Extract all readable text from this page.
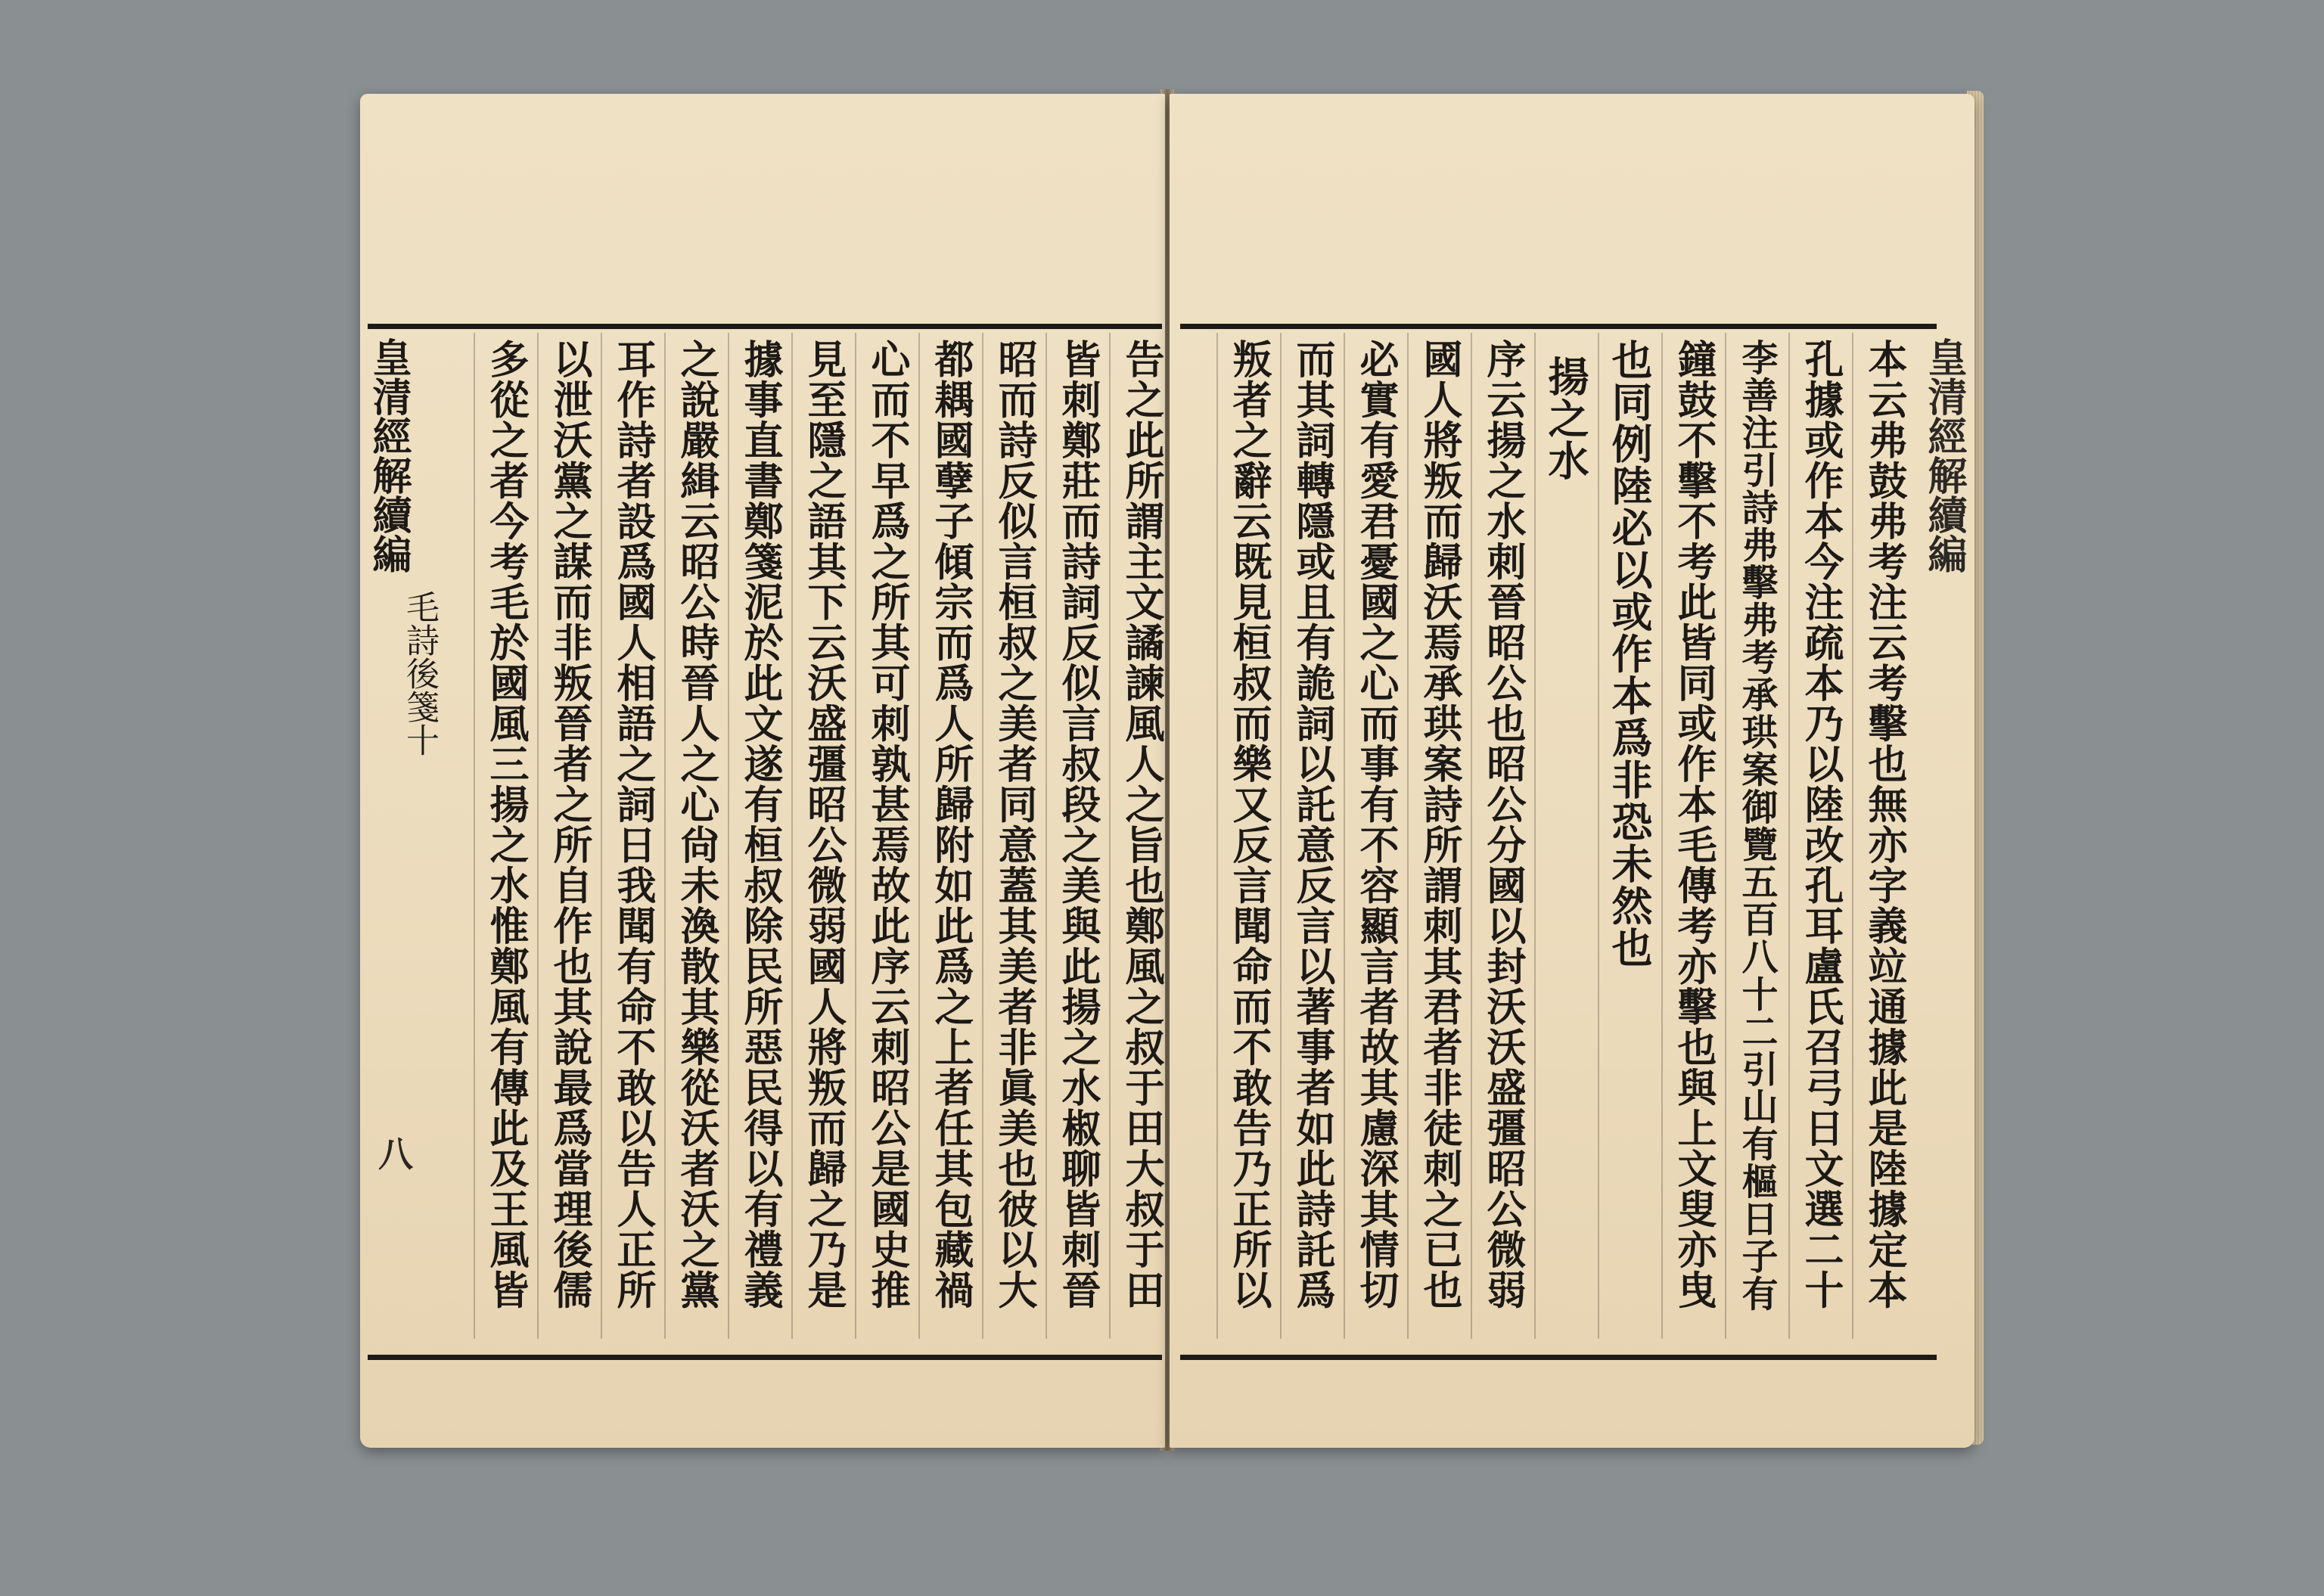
皇清經解續編
毛詩後箋十
八
皇清經解續編
告之此所謂主文譎諫風人之旨也鄭風之叔于田大叔于田
皆刺鄭莊而詩詞反似言叔段之美與此揚之水椒聊皆刺晉
昭而詩反似言桓叔之美者同意蓋其美者非眞美也彼以大
都耦國孽子傾宗而爲人所歸附如此爲之上者任其包藏禍
心而不早爲之所其可刺孰甚焉故此序云刺昭公是國史推
見至隱之語其下云沃盛彊昭公微弱國人將叛而歸之乃是
據事直書鄭箋泥於此文遂有桓叔除民所惡民得以有禮義
之說嚴緝云昭公時晉人之心尙未渙散其樂從沃者沃之黨
耳作詩者設爲國人相語之詞日我聞有命不敢以告人正所
以泄沃黨之謀而非叛晉者之所自作也其說最爲當理後儒
多從之者今考毛於國風三揚之水惟鄭風有傳此及王風皆	本云弗鼓弗考注云考擊也無亦字義竝通據此是陸據定本
孔據或作本今注疏本乃以陸改孔耳盧氏召弓日文選二十
李善注引詩弗擊弗考承珙案御覽五百八十二引山有樞日子有
鐘鼓不擊不考此皆同或作本毛傳考亦擊也與上文叟亦曳
也同例陸必以或作本爲非恐未然也
揚之水
序云揚之水刺晉昭公也昭公分國以封沃沃盛彊昭公微弱
國人將叛而歸沃焉承珙案詩所謂刺其君者非徒刺之已也
必實有愛君憂國之心而事有不容顯言者故其慮深其情切
而其詞轉隱或且有詭詞以託意反言以著事者如此詩託爲
叛者之辭云既見桓叔而樂又反言聞命而不敢告乃正所以
